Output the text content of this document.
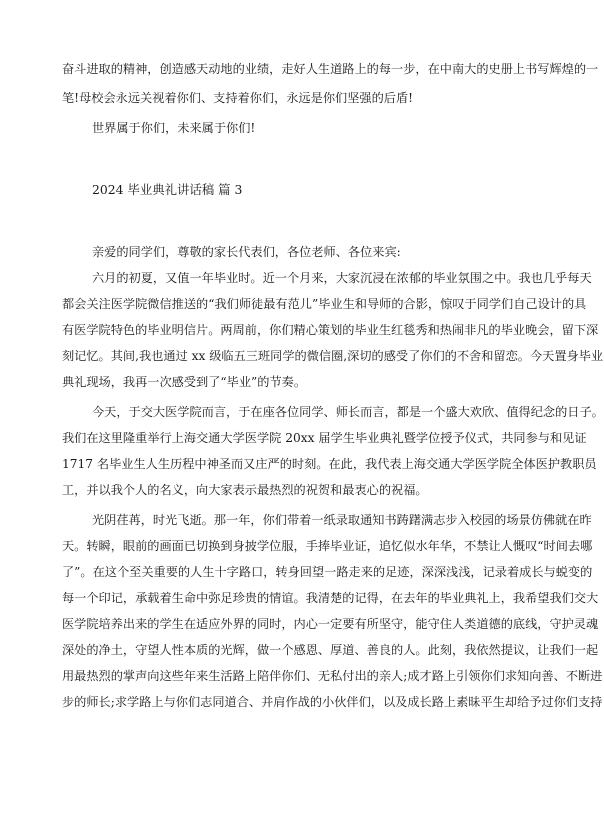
奋斗进取的精神，创造感天动地的业绩，走好人生道路上的每一步，在中南大的史册上书写辉煌的一
笔!母校会永远关视着你们、支持着你们，永远是你们坚强的后盾!
世界属于你们，未来属于你们!
2024 毕业典礼讲话稿 篇 3
亲爱的同学们，尊敬的家长代表们，各位老师、各位来宾:
六月的初夏，又值一年毕业时。近一个月来，大家沉浸在浓郁的毕业氛围之中。我也几乎每天
都会关注医学院微信推送的“我们师徒最有范儿”毕业生和导师的合影，惊叹于同学们自己设计的具
有医学院特色的毕业明信片。两周前，你们精心策划的毕业生红毯秀和热闹非凡的毕业晚会，留下深
刻记忆。其间,我也通过 xx 级临五三班同学的微信圈,深切的感受了你们的不舍和留恋。今天置身毕业
典礼现场，我再一次感受到了“毕业”的节奏。
今天，于交大医学院而言，于在座各位同学、师长而言，都是一个盛大欢欣、值得纪念的日子。
我们在这里隆重举行上海交通大学医学院 20xx 届学生毕业典礼暨学位授予仪式，共同参与和见证
1717 名毕业生人生历程中神圣而又庄严的时刻。在此，我代表上海交通大学医学院全体医护教职员
工，并以我个人的名义，向大家表示最热烈的祝贺和最衷心的祝福。
光阴荏苒，时光飞逝。那一年，你们带着一纸录取通知书踌躇满志步入校园的场景仿佛就在昨
天。转瞬，眼前的画面已切换到身披学位服，手捧毕业证，追忆似水年华，不禁让人慨叹“时间去哪
了”。在这个至关重要的人生十字路口，转身回望一路走来的足迹，深深浅浅，记录着成长与蜕变的
每一个印记，承载着生命中弥足珍贵的情谊。我清楚的记得，在去年的毕业典礼上，我希望我们交大
医学院培养出来的学生在适应外界的同时，内心一定要有所坚守，能守住人类道德的底线，守护灵魂
深处的净土，守望人性本质的光辉，做一个感恩、厚道、善良的人。此刻，我依然提议，让我们一起
用最热烈的掌声向这些年来生活路上陪伴你们、无私付出的亲人;成才路上引领你们求知向善、不断进
步的师长;求学路上与你们志同道合、并肩作战的小伙伴们，以及成长路上素昧平生却给予过你们支持
